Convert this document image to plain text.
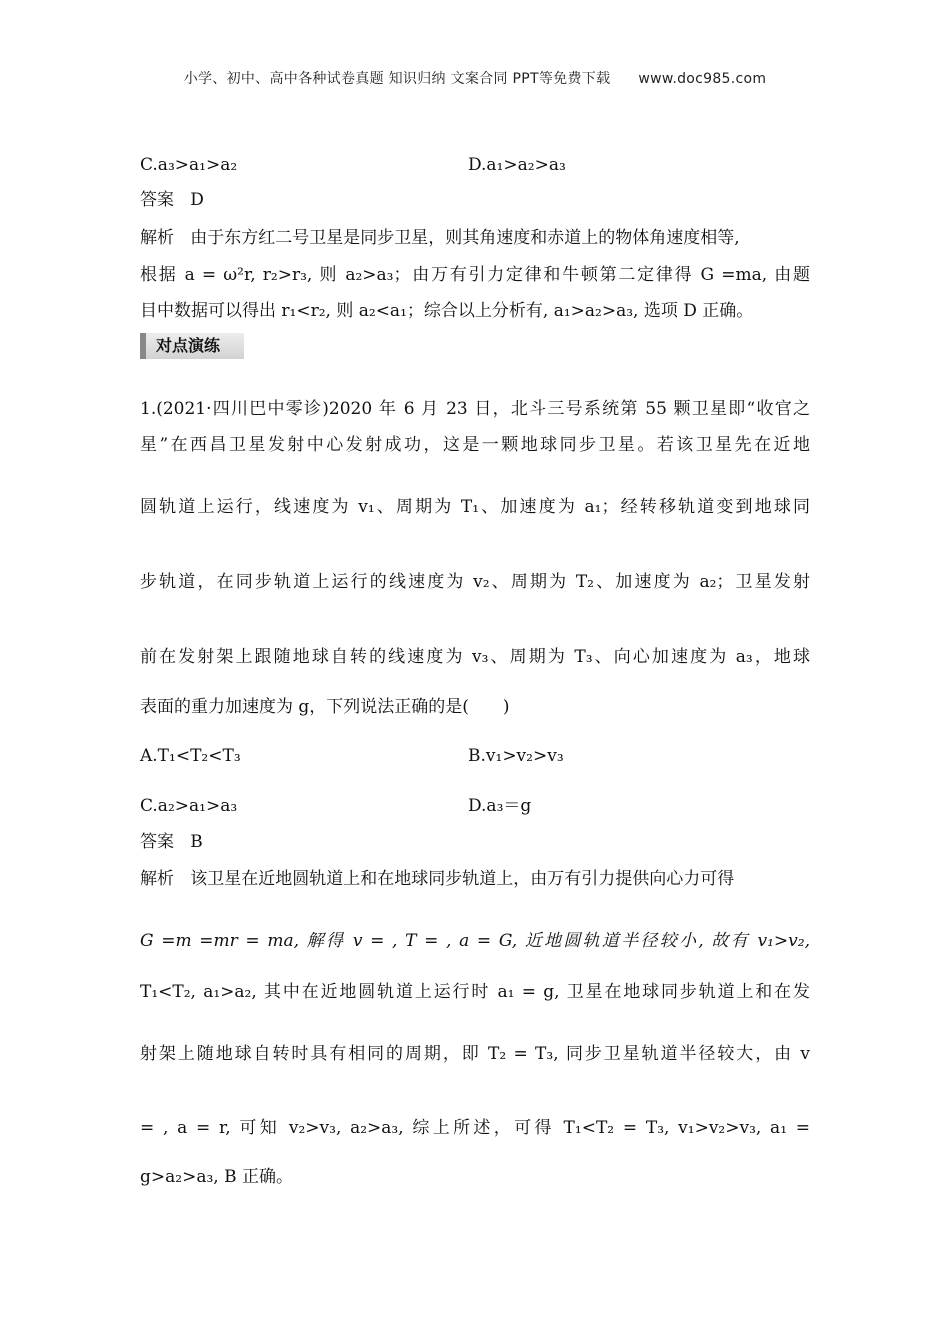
小学、初中、高中各种试卷真题 知识归纳 文案合同 PPT等免费下载 www.doc985.com
C.a₃>a₁>a₂	D.a₁>a₂>a₃
答案 D
解析 由于东方红二号卫星是同步卫星，则其角速度和赤道上的物体角速度相等,
根据 a = ω²r, r₂>r₃, 则 a₂>a₃；由万有引力定律和牛顿第二定律得 G =ma, 由题
目中数据可以得出 r₁<r₂, 则 a₂<a₁；综合以上分析有, a₁>a₂>a₃, 选项 D 正确。
对点演练
1.(2021·四川巴中零诊)2020 年 6 月 23 日，北斗三号系统第 55 颗卫星即“收官之
星”在西昌卫星发射中心发射成功，这是一颗地球同步卫星。若该卫星先在近地
圆轨道上运行，线速度为 v₁、周期为 T₁、加速度为 a₁；经转移轨道变到地球同
步轨道，在同步轨道上运行的线速度为 v₂、周期为 T₂、加速度为 a₂；卫星发射
前在发射架上跟随地球自转的线速度为 v₃、周期为 T₃、向心加速度为 a₃，地球
表面的重力加速度为 g，下列说法正确的是(　　)
A.T₁<T₂<T₃	B.v₁>v₂>v₃
C.a₂>a₁>a₃	D.a₃＝g
答案 B
解析 该卫星在近地圆轨道上和在地球同步轨道上，由万有引力提供向心力可得
G =m =mr = ma, 解得 v = , T = , a = G, 近地圆轨道半径较小, 故有 v₁>v₂,
T₁<T₂, a₁>a₂, 其中在近地圆轨道上运行时 a₁ = g, 卫星在地球同步轨道上和在发
射架上随地球自转时具有相同的周期，即 T₂ = T₃, 同步卫星轨道半径较大，由 v
= , a = r, 可知 v₂>v₃, a₂>a₃, 综上所述，可得 T₁<T₂ = T₃, v₁>v₂>v₃, a₁ =
g>a₂>a₃, B 正确。
